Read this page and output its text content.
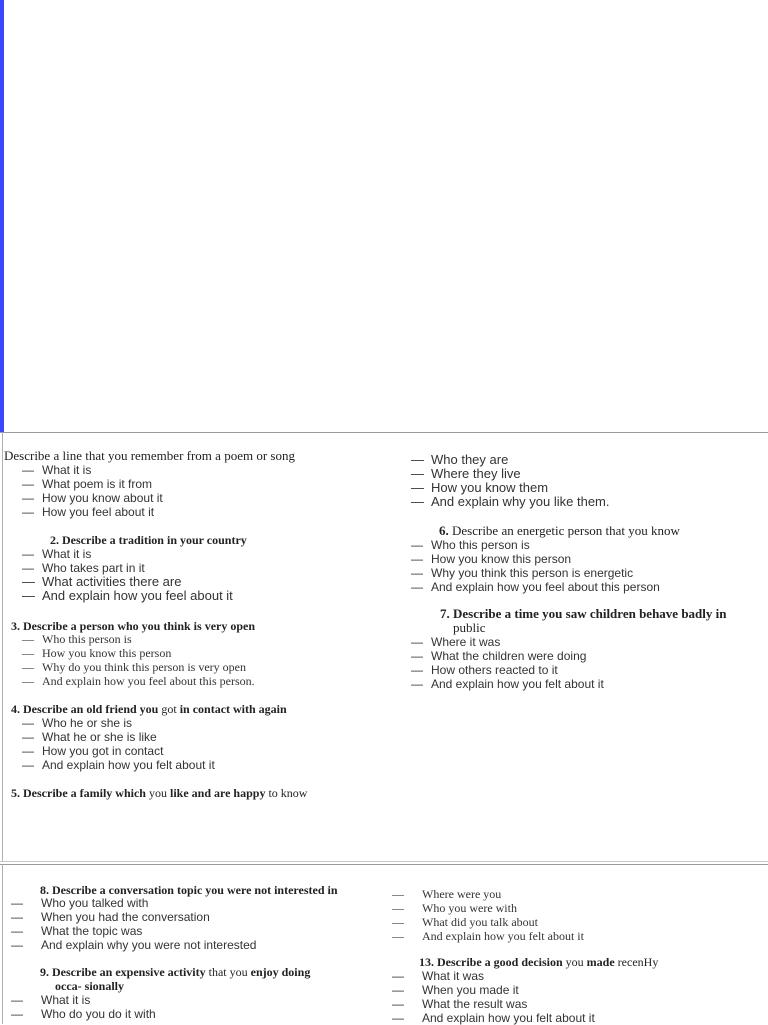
Describe a line that you remember from a poem or song
— What it is
— What poem is it from
— How you know about it
— How you feel about it
2. Describe a tradition in your country
— What it is
— Who takes part in it
— What activities there are
— And explain how you feel about it
3. Describe a person who you think is very open
— Who this person is
— How you know this person
— Why do you think this person is very open
— And explain how you feel about this person.
4. Describe an old friend you got in contact with again
— Who he or she is
— What he or she is like
— How you got in contact
— And explain how you felt about it
5. Describe a family which you like and are happy to know
— Who they are
— Where they live
— How you know them
— And explain why you like them.
6. Describe an energetic person that you know
— Who this person is
— How you know this person
— Why you think this person is energetic
— And explain how you feel about this person
7. Describe a time you saw children behave badly in
public
— Where it was
— What the children were doing
— How others reacted to it
— And explain how you felt about it
8. Describe a conversation topic you were not interested in
— Who you talked with
— When you had the conversation
— What the topic was
— And explain why you were not interested
9. Describe an expensive activity that you enjoy doing
occa- sionally
— What it is
— Who do you do it with
— Where were you
— Who you were with
— What did you talk about
— And explain how you felt about it
13. Describe a good decision you made recenHy
— What it was
— When you made it
— What the result was
— And explain how you felt about it
